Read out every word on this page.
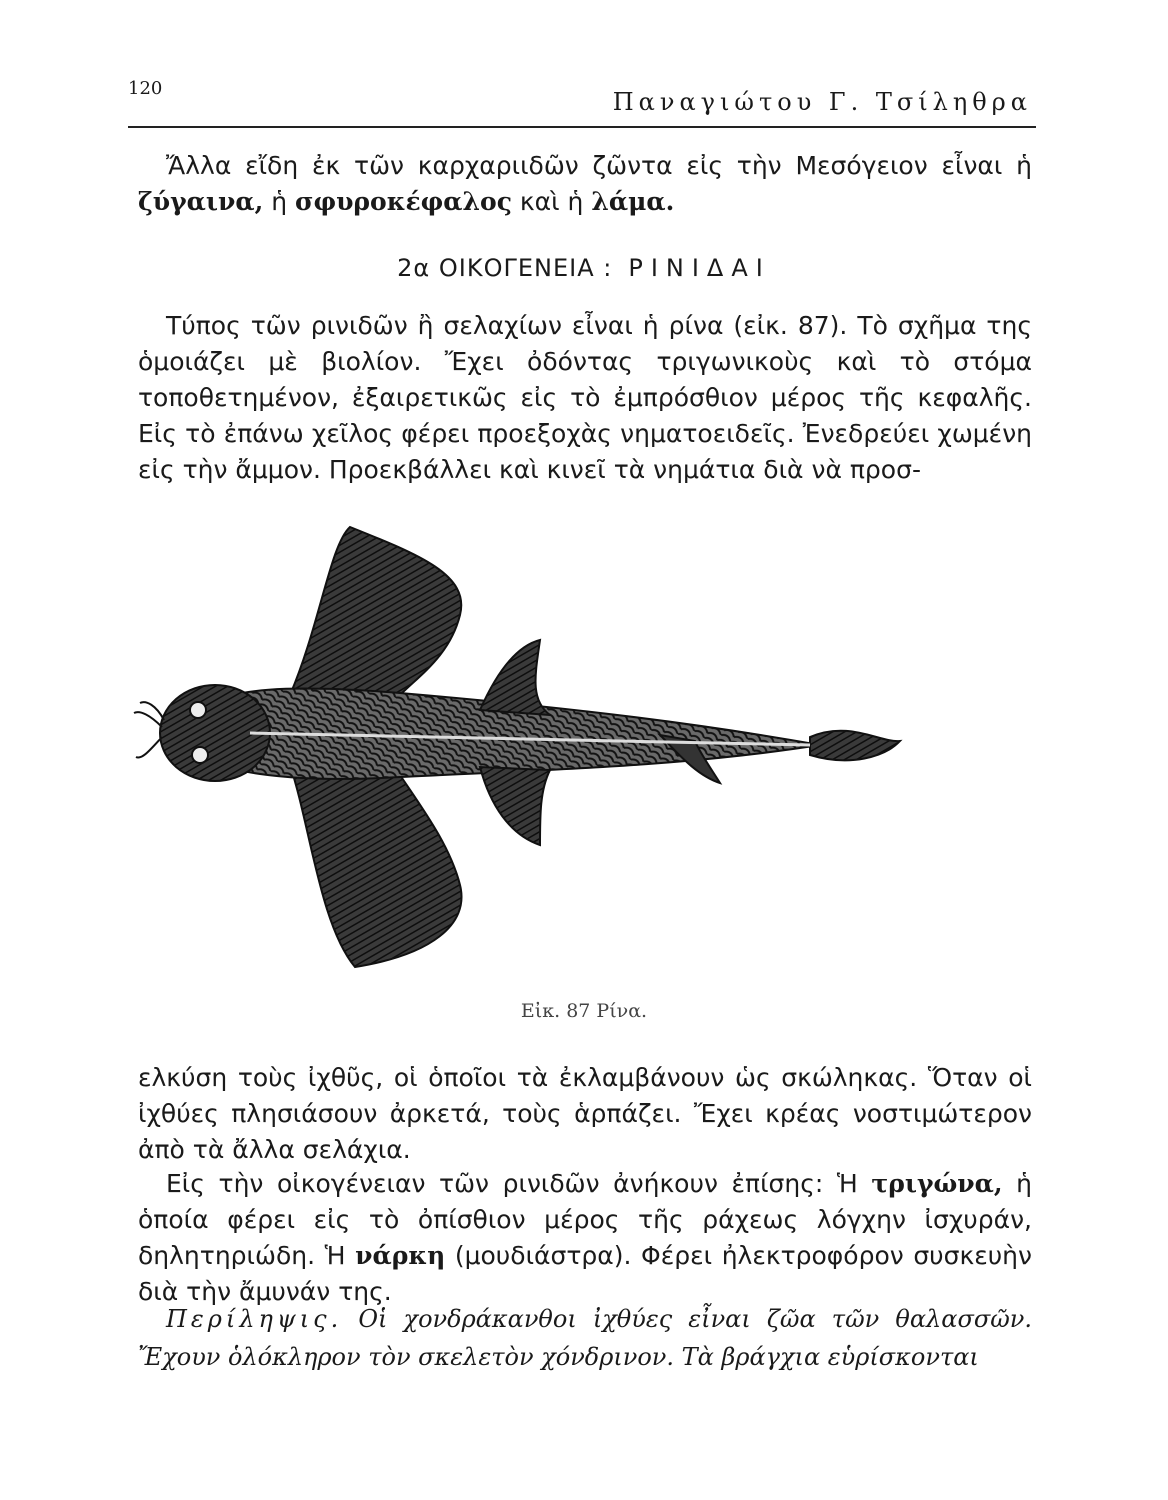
120	Παναγιώτου Γ. Τσίληθρα

Ἄλλα εἴδη ἐκ τῶν καρχαριιδῶν ζῶντα εἰς τὴν Μεσόγειον εἶναι ἡ ζύγαινα, ἡ σφυροκέφαλος καὶ ἡ λάμα.

2α ΟΙΚΟΓΕΝΕΙΑ : ΡΙΝΙΔΑΙ

Τύπος τῶν ρινιδῶν ἢ σελαχίων εἶναι ἡ ρίνα (εἰκ. 87). Τὸ σχῆμα της ὁμοιάζει μὲ βιολίον. Ἔχει ὀδόντας τριγωνικοὺς καὶ τὸ στόμα τοποθετημένον, ἐξαιρετικῶς εἰς τὸ ἐμπρόσθιον μέρος τῆς κεφαλῆς. Εἰς τὸ ἐπάνω χεῖλος φέρει προεξοχὰς νηματοειδεῖς. Ἐνεδρεύει χωμένη εἰς τὴν ἄμμον. Προεκβάλλει καὶ κινεῖ τὰ νημάτια διὰ νὰ προσ-

Εἰκ. 87 Ρίνα.

ελκύση τοὺς ἰχθῦς, οἱ ὁποῖοι τὰ ἐκλαμβάνουν ὡς σκώληκας. Ὅταν οἱ ἰχθύες πλησιάσουν ἀρκετά, τοὺς ἁρπάζει. Ἔχει κρέας νοστιμώτερον ἀπὸ τὰ ἄλλα σελάχια.

Εἰς τὴν οἰκογένειαν τῶν ρινιδῶν ἀνήκουν ἐπίσης: Ἡ τριγώνα, ἡ ὁποία φέρει εἰς τὸ ὀπίσθιον μέρος τῆς ράχεως λόγχην ἰσχυράν, δηλητηριώδη. Ἡ νάρκη (μουδιάστρα). Φέρει ἠλεκτροφόρον συσκευὴν διὰ τὴν ἄμυνάν της.

Περίληψις. Οἱ χονδράκανθοι ἰχθύες εἶναι ζῶα τῶν θαλασσῶν. Ἔχουν ὁλόκληρον τὸν σκελετὸν χόνδρινον. Τὰ βράγχια εὑρίσκονται
